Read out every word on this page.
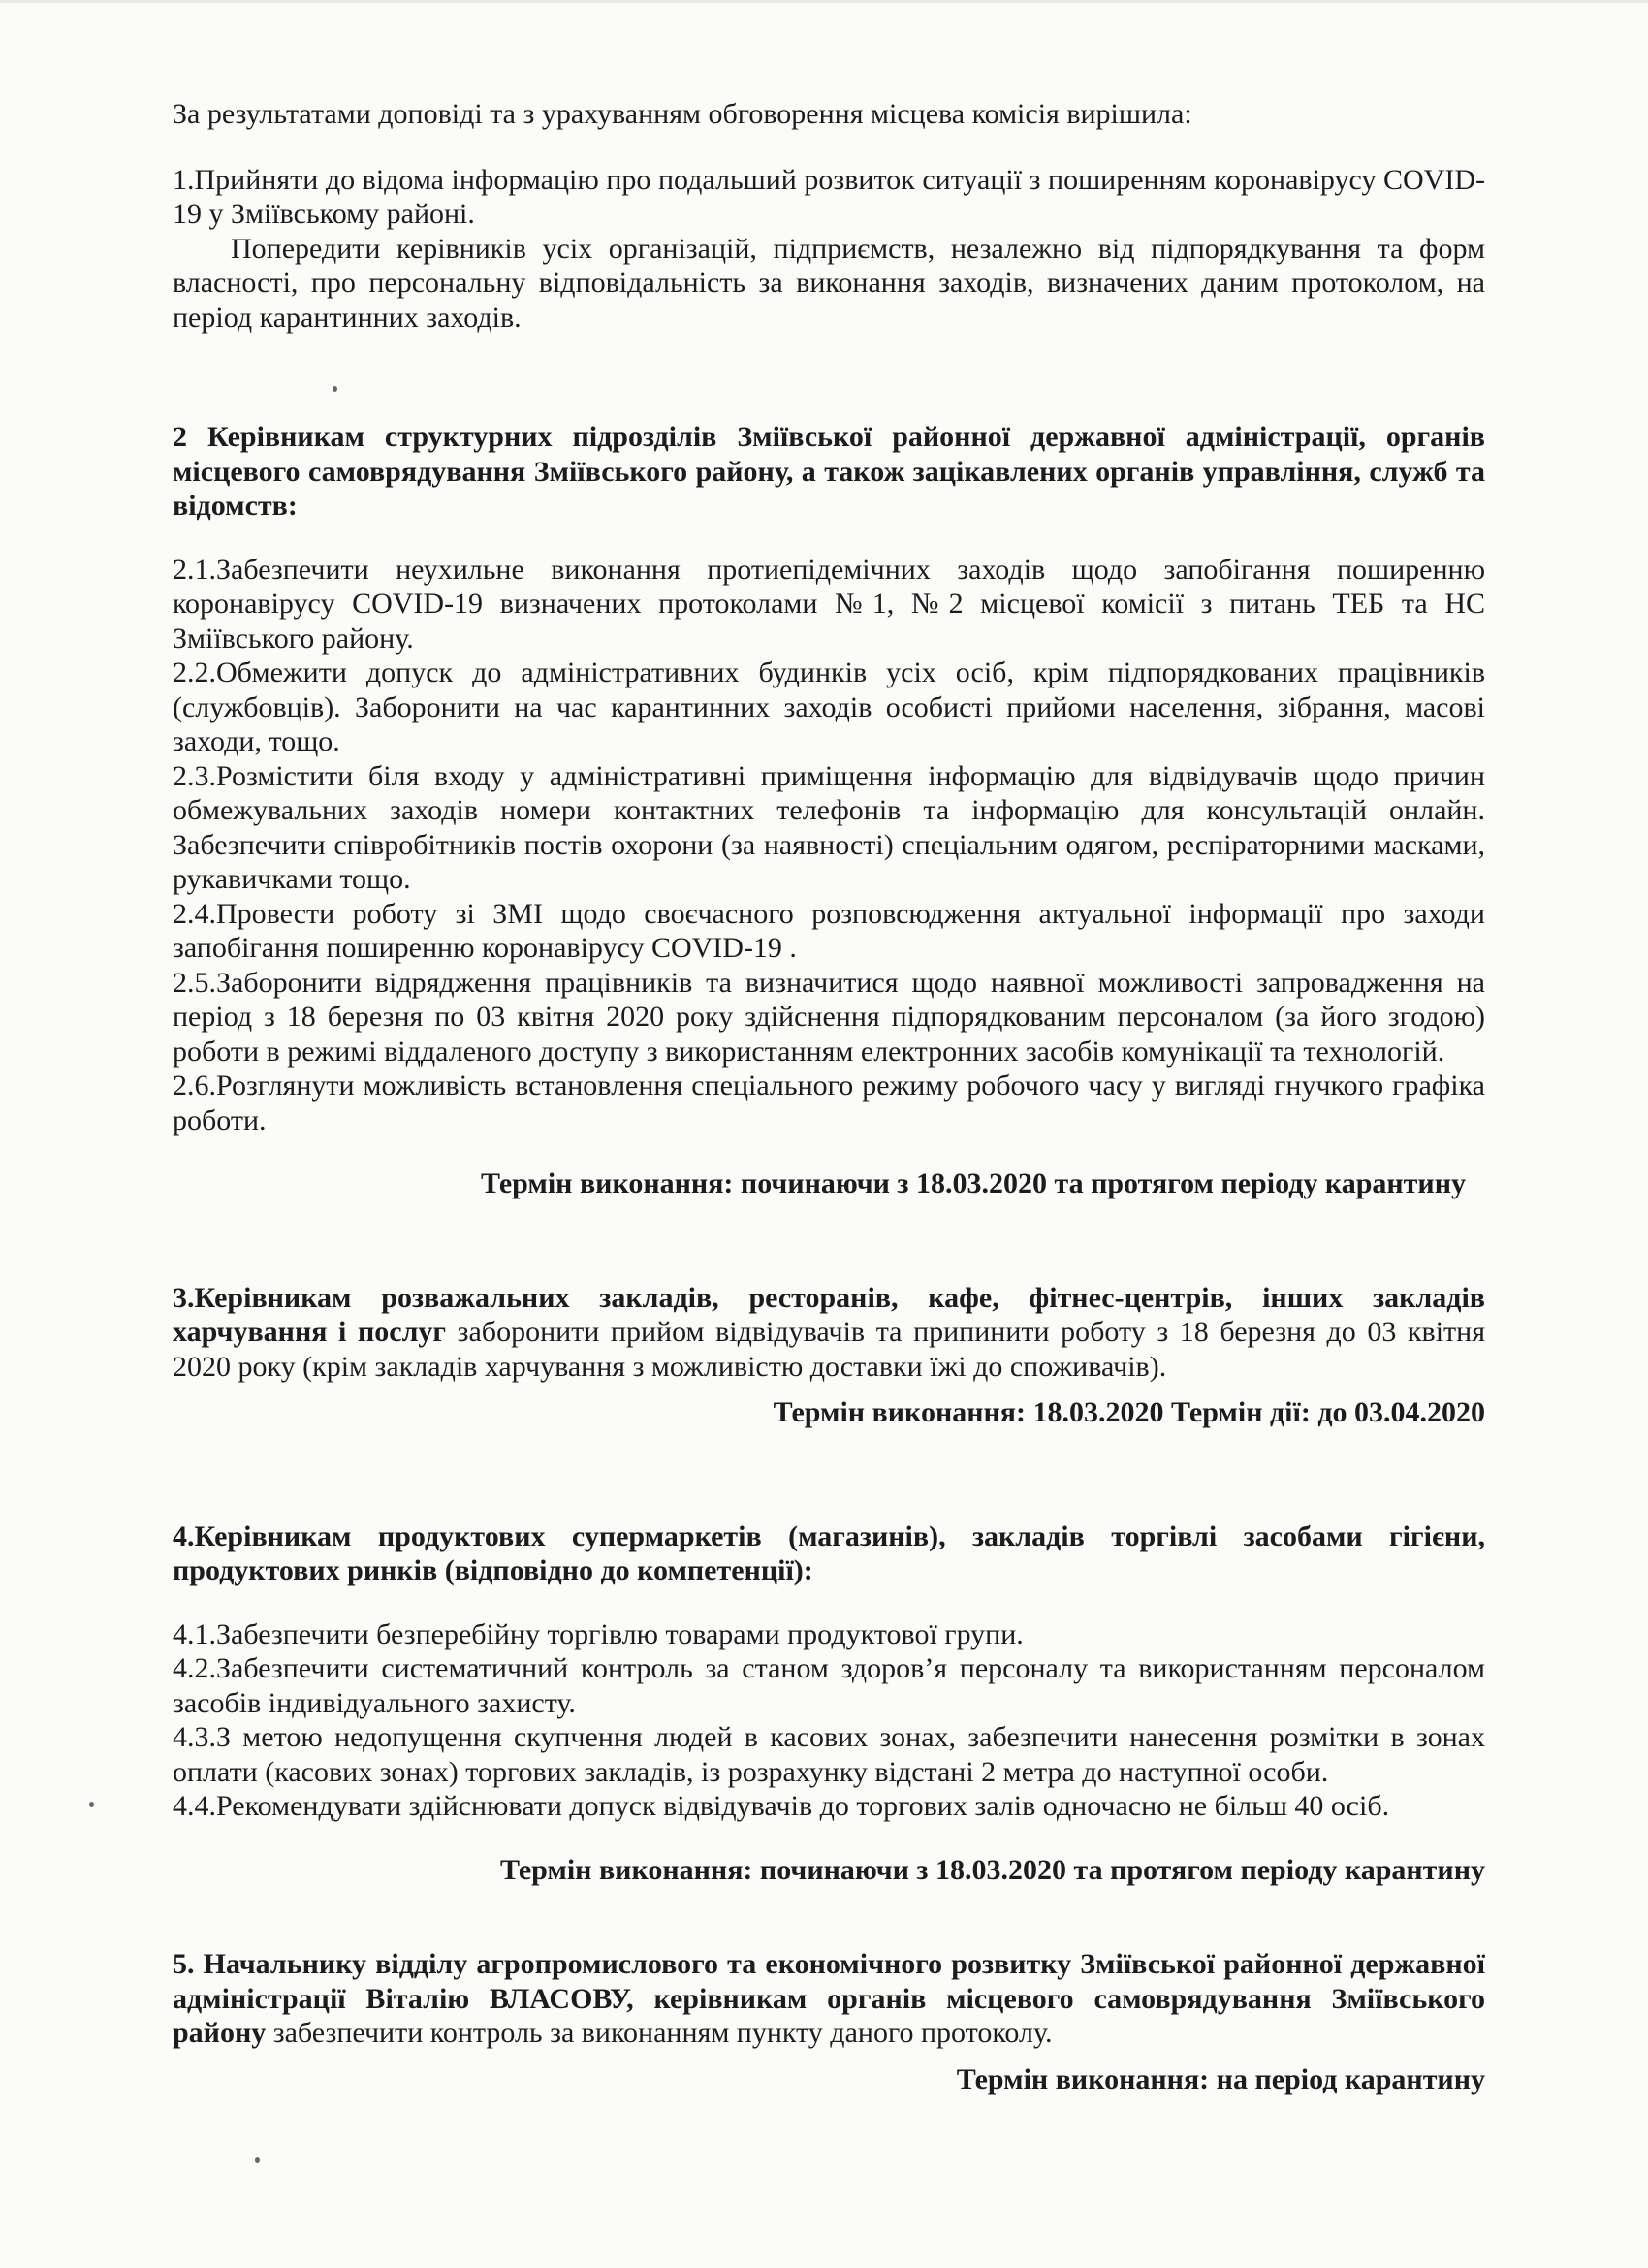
За результатами доповіді та з урахуванням обговорення місцева комісія вирішила:

1.Прийняти до відома інформацію про подальший розвиток ситуації з поширенням коронавірусу COVID-19 у Зміївському районі.

Попередити керівників усіх організацій, підприємств, незалежно від підпорядкування та форм власності, про персональну відповідальність за виконання заходів, визначених даним протоколом, на період карантинних заходів.

2 Керівникам структурних підрозділів Зміївської районної державної адміністрації, органів місцевого самоврядування Зміївського району, а також зацікавлених органів управління, служб та відомств:

2.1.Забезпечити неухильне виконання протиепідемічних заходів щодо запобігання поширенню коронавірусу COVID-19 визначених протоколами №1, №2 місцевої комісії з питань ТЕБ та НС Зміївського району.

2.2.Обмежити допуск до адміністративних будинків усіх осіб, крім підпорядкованих працівників (службовців). Заборонити на час карантинних заходів особисті прийоми населення, зібрання, масові заходи, тощо.

2.3.Розмістити біля входу у адміністративні приміщення інформацію для відвідувачів щодо причин обмежувальних заходів номери контактних телефонів та інформацію для консультацій онлайн. Забезпечити співробітників постів охорони (за наявності) спеціальним одягом, респіраторними масками, рукавичками тощо.

2.4.Провести роботу зі ЗМІ щодо своєчасного розповсюдження актуальної інформації про заходи запобігання поширенню коронавірусу COVID-19 .

2.5.Заборонити відрядження працівників та визначитися щодо наявної можливості запровадження на період з 18 березня по 03 квітня 2020 року здійснення підпорядкованим персоналом (за його згодою) роботи в режимі віддаленого доступу з використанням електронних засобів комунікації та технологій.

2.6.Розглянути можливість встановлення спеціального режиму робочого часу у вигляді гнучкого графіка роботи.

Термін виконання: починаючи з 18.03.2020 та протягом періоду карантину

3.Керівникам розважальних закладів, ресторанів, кафе, фітнес-центрів, інших закладів харчування і послуг заборонити прийом відвідувачів та припинити роботу з 18 березня до 03 квітня 2020 року (крім закладів харчування з можливістю доставки їжі до споживачів).

Термін виконання: 18.03.2020 Термін дії: до 03.04.2020

4.Керівникам продуктових супермаркетів (магазинів), закладів торгівлі засобами гігієни, продуктових ринків (відповідно до компетенції):

4.1.Забезпечити безперебійну торгівлю товарами продуктової групи.

4.2.Забезпечити систематичний контроль за станом здоров’я персоналу та використанням персоналом засобів індивідуального захисту.

4.3.З метою недопущення скупчення людей в касових зонах, забезпечити нанесення розмітки в зонах оплати (касових зонах) торгових закладів, із розрахунку відстані 2 метра до наступної особи.

4.4.Рекомендувати здійснювати допуск відвідувачів до торгових залів одночасно не більш 40 осіб.

Термін виконання: починаючи з 18.03.2020 та протягом періоду карантину

5. Начальнику відділу агропромислового та економічного розвитку Зміївської районної державної адміністрації Віталію ВЛАСОВУ, керівникам органів місцевого самоврядування Зміївського району забезпечити контроль за виконанням пункту даного протоколу.

Термін виконання: на період карантину
